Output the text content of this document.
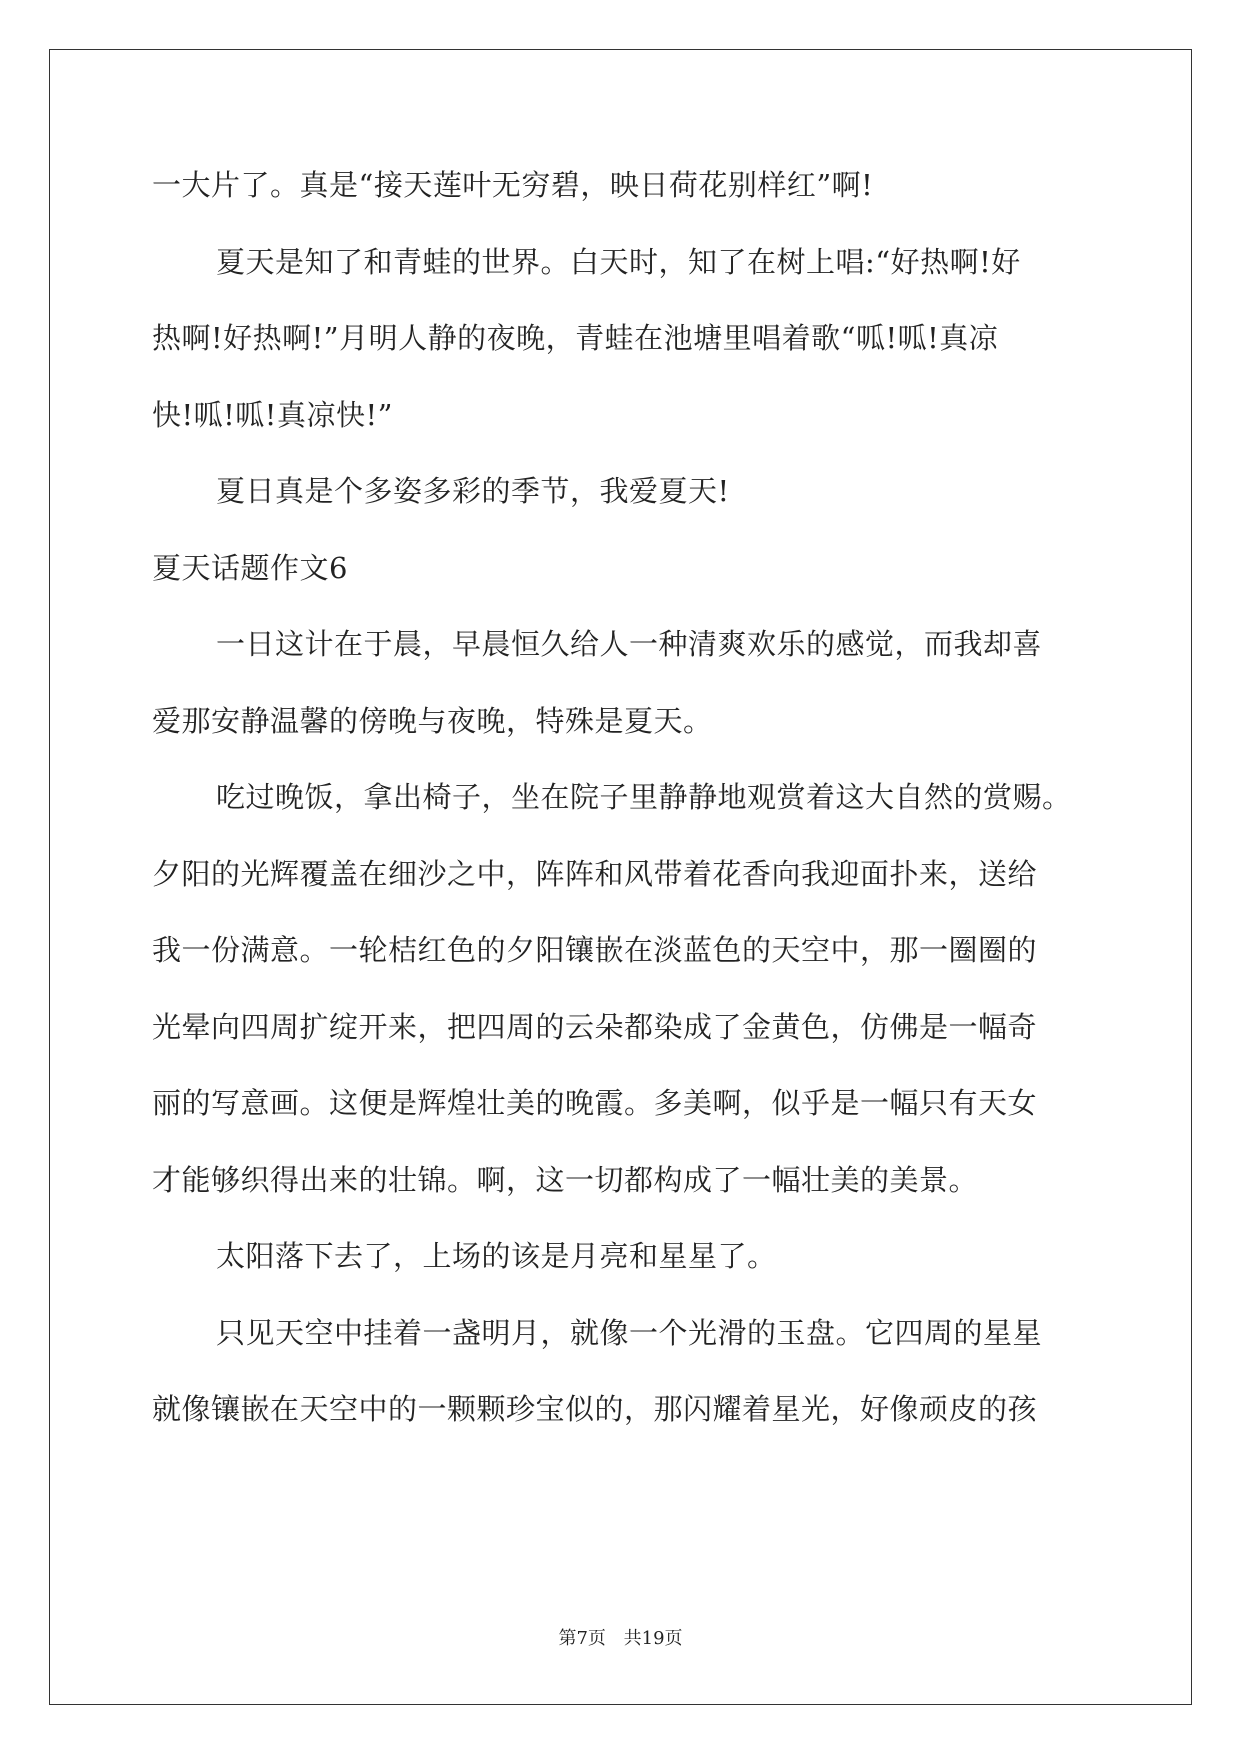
一大片了。真是“接天莲叶无穷碧，映日荷花别样红”啊!
夏天是知了和青蛙的世界。白天时，知了在树上唱:“好热啊!好
热啊!好热啊!”月明人静的夜晚，青蛙在池塘里唱着歌“呱!呱!真凉
快!呱!呱!真凉快!”
夏日真是个多姿多彩的季节，我爱夏天!
夏天话题作文6
一日这计在于晨，早晨恒久给人一种清爽欢乐的感觉，而我却喜
爱那安静温馨的傍晚与夜晚，特殊是夏天。
吃过晚饭，拿出椅子，坐在院子里静静地观赏着这大自然的赏赐。
夕阳的光辉覆盖在细沙之中，阵阵和风带着花香向我迎面扑来，送给
我一份满意。一轮桔红色的夕阳镶嵌在淡蓝色的天空中，那一圈圈的
光晕向四周扩绽开来，把四周的云朵都染成了金黄色，仿佛是一幅奇
丽的写意画。这便是辉煌壮美的晚霞。多美啊，似乎是一幅只有天女
才能够织得出来的壮锦。啊，这一切都构成了一幅壮美的美景。
太阳落下去了，上场的该是月亮和星星了。
只见天空中挂着一盏明月，就像一个光滑的玉盘。它四周的星星
就像镶嵌在天空中的一颗颗珍宝似的，那闪耀着星光，好像顽皮的孩
第7页 共19页
